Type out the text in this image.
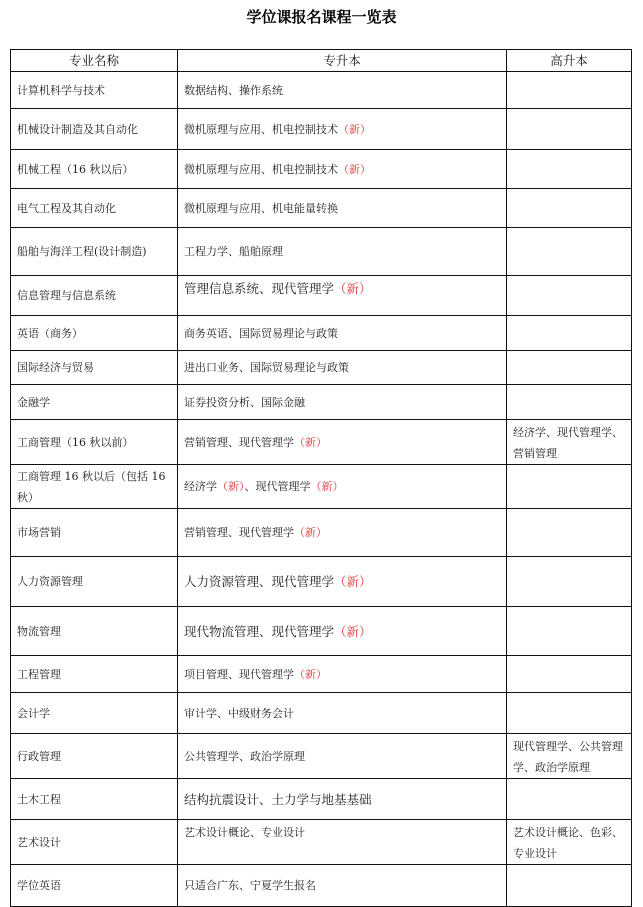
学位课报名课程一览表
专业名称	专升本	高升本
计算机科学与技术	数据结构、操作系统	
机械设计制造及其自动化	微机原理与应用、机电控制技术（新）	
机械工程（16 秋以后）	微机原理与应用、机电控制技术（新）	
电气工程及其自动化	微机原理与应用、机电能量转换	
船舶与海洋工程(设计制造)	工程力学、船舶原理	
信息管理与信息系统	管理信息系统、现代管理学（新）	
英语（商务）	商务英语、国际贸易理论与政策	
国际经济与贸易	进出口业务、国际贸易理论与政策	
金融学	证券投资分析、国际金融	
工商管理（16 秋以前）	营销管理、现代管理学（新）	经济学、现代管理学、营销管理
工商管理 16 秋以后（包括 16 秋）	经济学（新）、现代管理学（新）	
市场营销	营销管理、现代管理学（新）	
人力资源管理	人力资源管理、现代管理学（新）	
物流管理	现代物流管理、现代管理学（新）	
工程管理	项目管理、现代管理学（新）	
会计学	审计学、中级财务会计	
行政管理	公共管理学、政治学原理	现代管理学、公共管理学、政治学原理
土木工程	结构抗震设计、土力学与地基基础	
艺术设计	艺术设计概论、专业设计	艺术设计概论、色彩、专业设计
学位英语	只适合广东、宁夏学生报名	
